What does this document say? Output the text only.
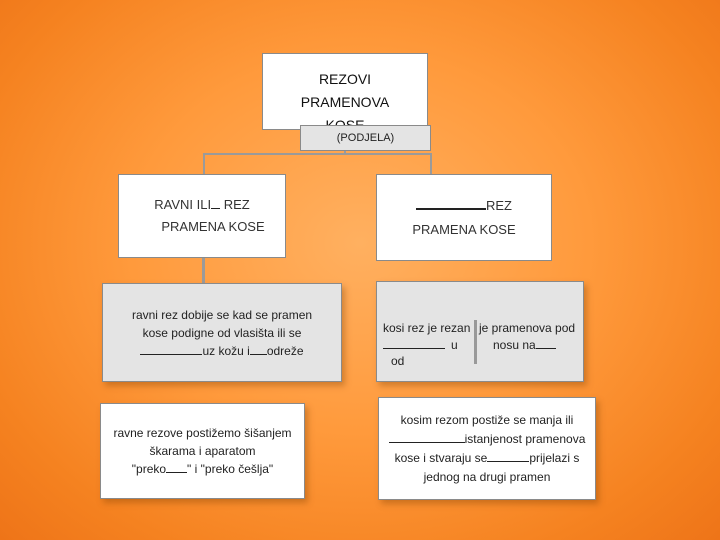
REZOVI
PRAMENOVA
(PODJELA)
RAVNI ILI REZ
PRAMENA KOSE
REZ
PRAMENA KOSE
ravni rez dobije se kad se pramen
kose podigne od vlasišta ili se
uz kožu i odreže
kosi rez je rezan
u
od
je pramenova pod
nosu na
ravne rezove postižemo šišanjem
škarama i aparatom
"preko " i "preko češlja"
kosim rezom postiže se manja ili
istanjenost pramenova
kose i stvaraju se	prijelazi s
jednog na drugi pramen
